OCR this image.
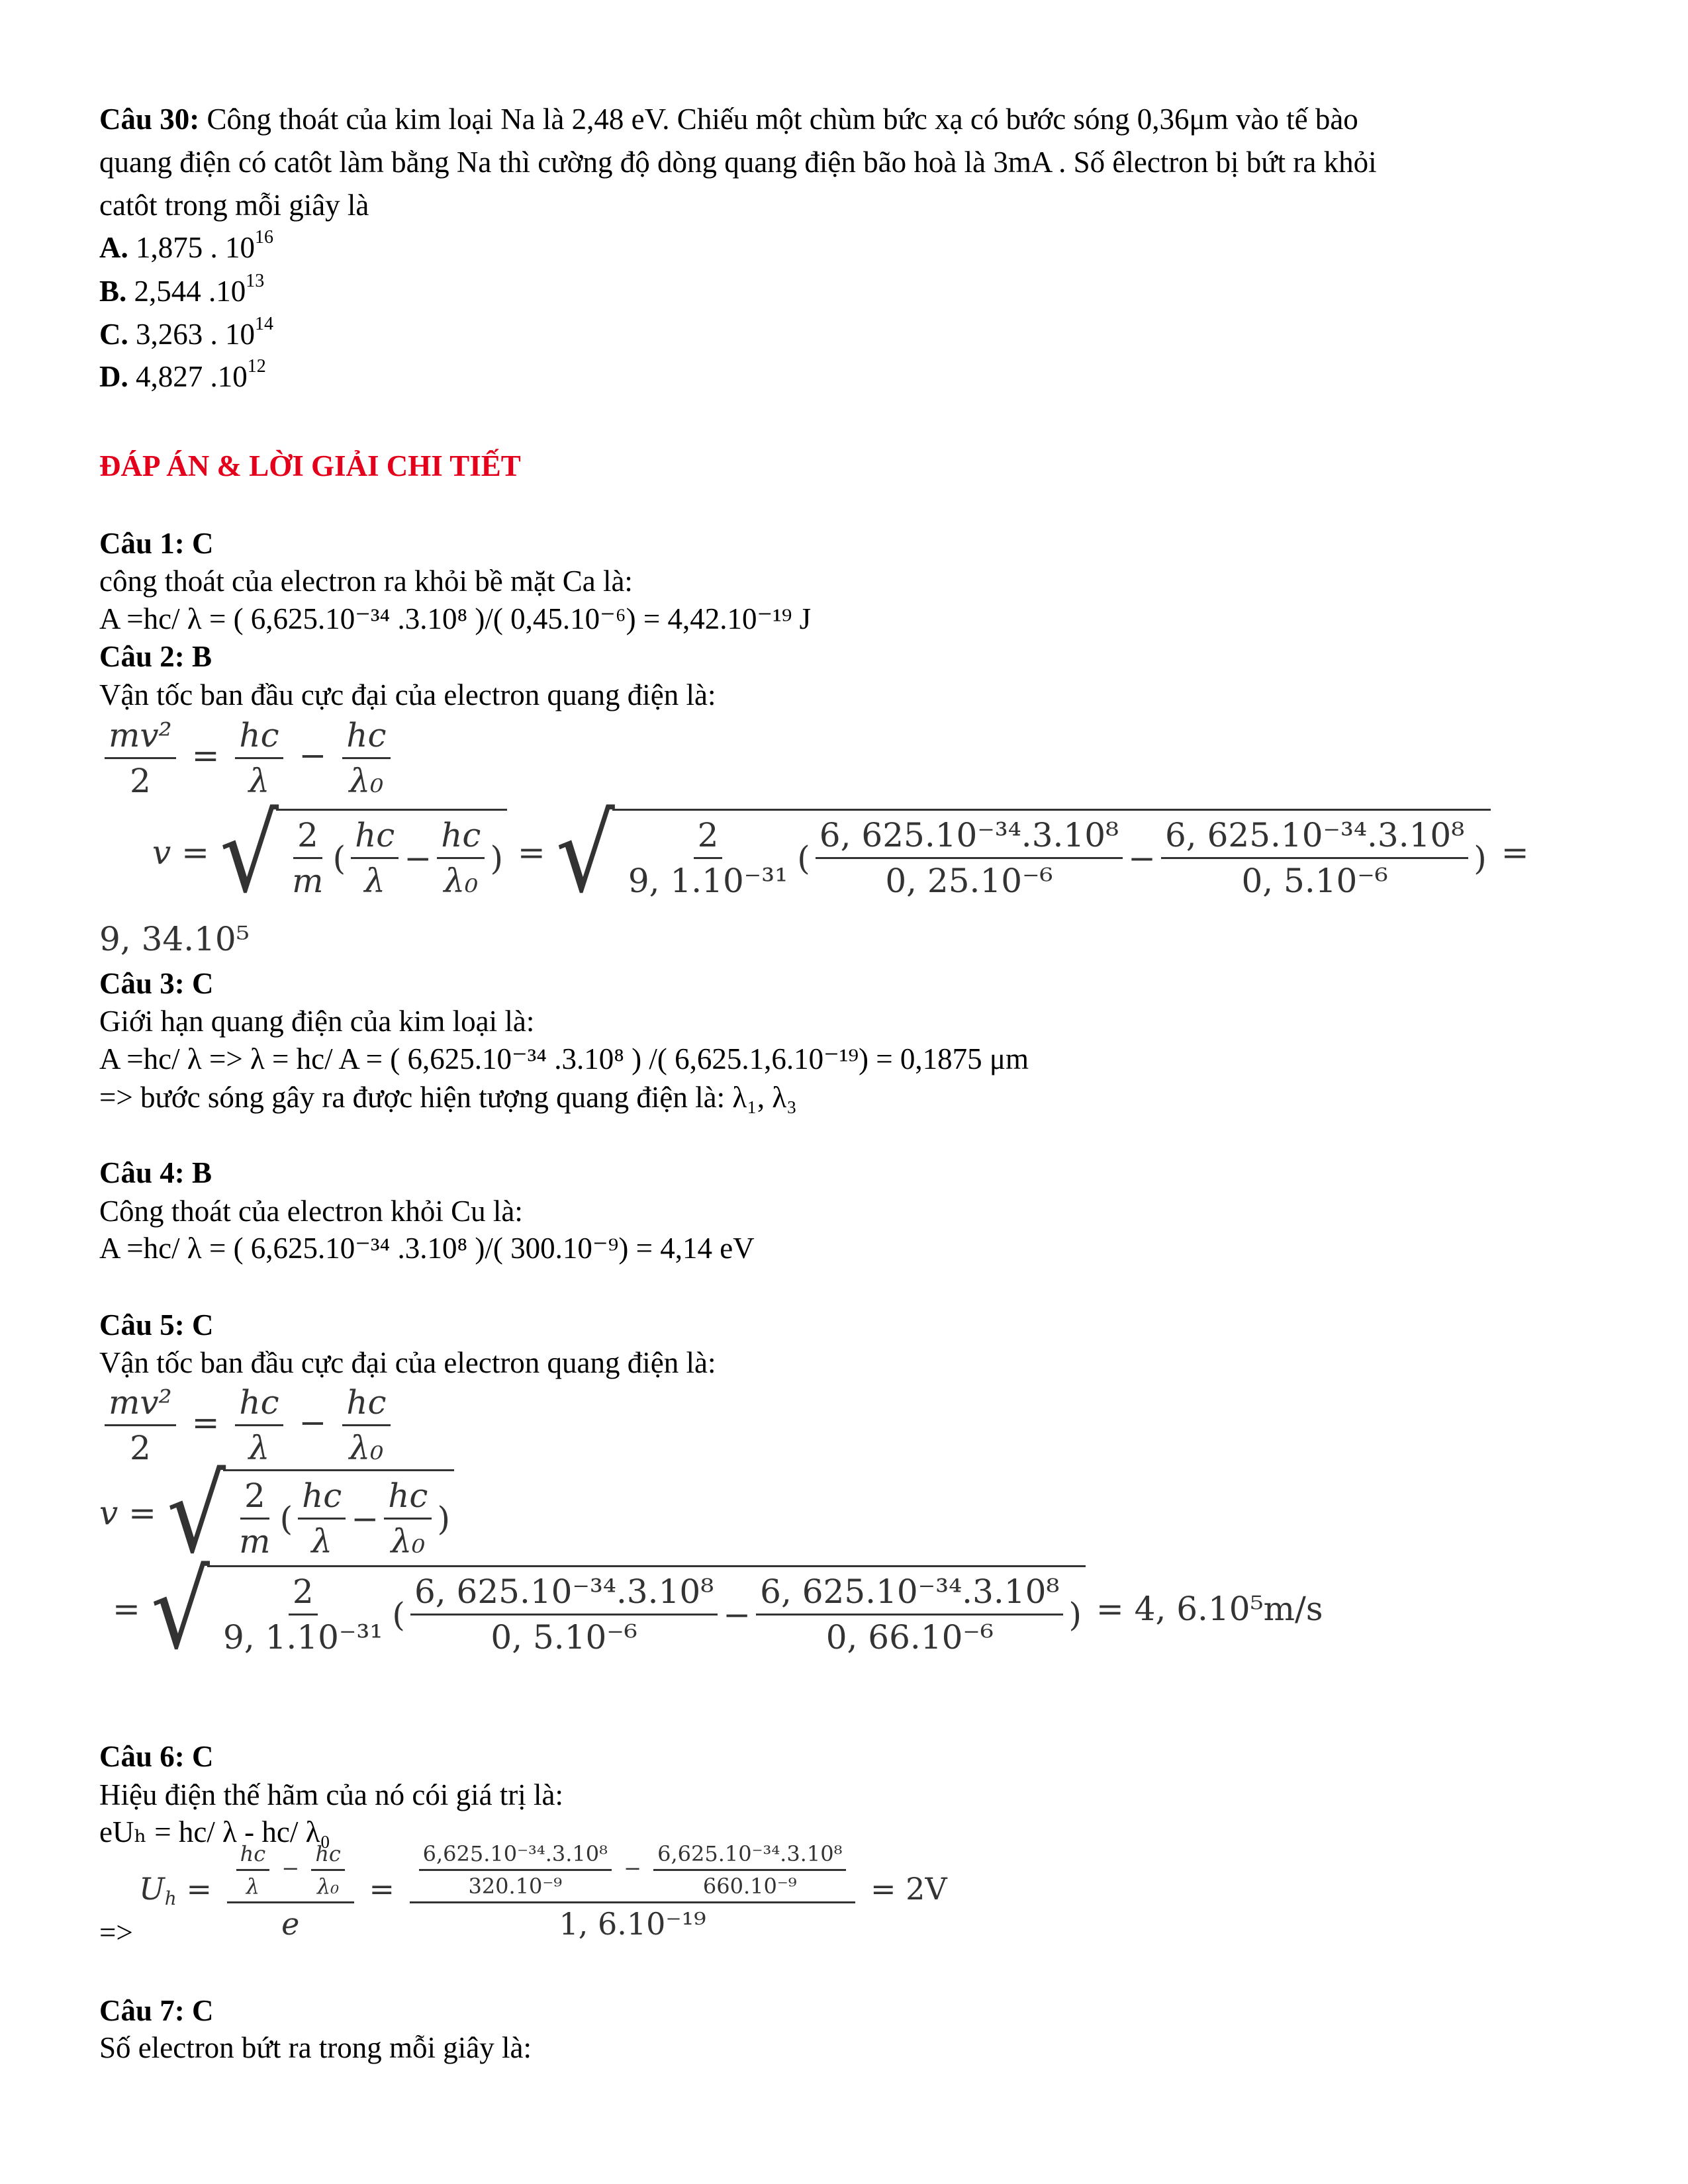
Câu 30: Công thoát của kim loại Na là 2,48 eV. Chiếu một chùm bức xạ có bước sóng 0,36μm vào tế bào
quang điện có catôt làm bằng Na thì cường độ dòng quang điện bão hoà là 3mA . Số êlectron bị bứt ra khỏi
catôt trong mỗi giây là
A. 1,875 . $10^{16}$
B. 2,544 $.10^{13}$
C. 3,263 . $10^{14}$
D. 4,827 $.10^{12}$
ĐÁP ÁN & LỜI GIẢI CHI TIẾT
Câu 1: C
công thoát của electron ra khỏi bề mặt Ca là:
A =hc/ λ = ( 6,625.10⁻³⁴ .3.10⁸ )/( 0,45.10⁻⁶) = 4,42.10⁻¹⁹ J
Câu 2: B
Vận tốc ban đầu cực đại của electron quang điện là:
$\frac{\text{mv²}}{2} = \frac{hc}{\lambda} - \frac{hc}{\text{λ₀}}$
v = √ $\frac{2}{m}$ ( $\frac{hc}{\lambda} - \frac{hc}{\text{λ₀}}$ ) = √ $\frac{2}{\text{9, 1.10⁻³¹}}$ ( $\frac{\text{6, 625.10⁻³⁴.3.10⁸}}{\text{0, 25.10⁻⁶}} - \frac{\text{6, 625.10⁻³⁴.3.10⁸}}{\text{0, 5.10⁻⁶}}$ ) =
9, 34.10⁵
Câu 3: C
Giới hạn quang điện của kim loại là:
A =hc/ λ => λ = hc/ A = ( 6,625.10⁻³⁴ .3.10⁸ ) /( 6,625.1,6.10⁻¹⁹) = 0,1875 μm
=> bước sóng gây ra được hiện tượng quang điện là: λ₁, λ₃
Câu 4: B
Công thoát của electron khỏi Cu là:
A =hc/ λ = ( 6,625.10⁻³⁴ .3.10⁸ )/( 300.10⁻⁹) = 4,14 eV
Câu 5: C
Vận tốc ban đầu cực đại của electron quang điện là:
$\frac{\text{mv²}}{2} = \frac{hc}{\lambda} - \frac{hc}{\text{λ₀}}$
v = √ $\frac{2}{m}$ ( $\frac{hc}{\lambda} - \frac{hc}{\text{λ₀}}$ )
= √ $\frac{2}{\text{9, 1.10⁻³¹}}$ ( $\frac{\text{6, 625.10⁻³⁴.3.10⁸}}{\text{0, 5.10⁻⁶}} - \frac{\text{6, 625.10⁻³⁴.3.10⁸}}{\text{0, 66.10⁻⁶}}$ ) = 4, 6.10⁵m/s
Câu 6: C
Hiệu điện thế hãm của nó cói giá trị là:
eUₕ = hc/ λ - hc/ λ₀
$U_h = \frac{\frac{hc}{\lambda} - \frac{hc}{\text{λ₀}}}{e} = \frac{\frac{\text{6,625.10⁻³⁴.3.10⁸}}{\text{320.10⁻⁹}} - \frac{\text{6,625.10⁻³⁴.3.10⁸}}{\text{660.10⁻⁹}}}{\text{1, 6.10⁻¹⁹}} = 2V$
=>
Câu 7: C
Số electron bứt ra trong mỗi giây là:
